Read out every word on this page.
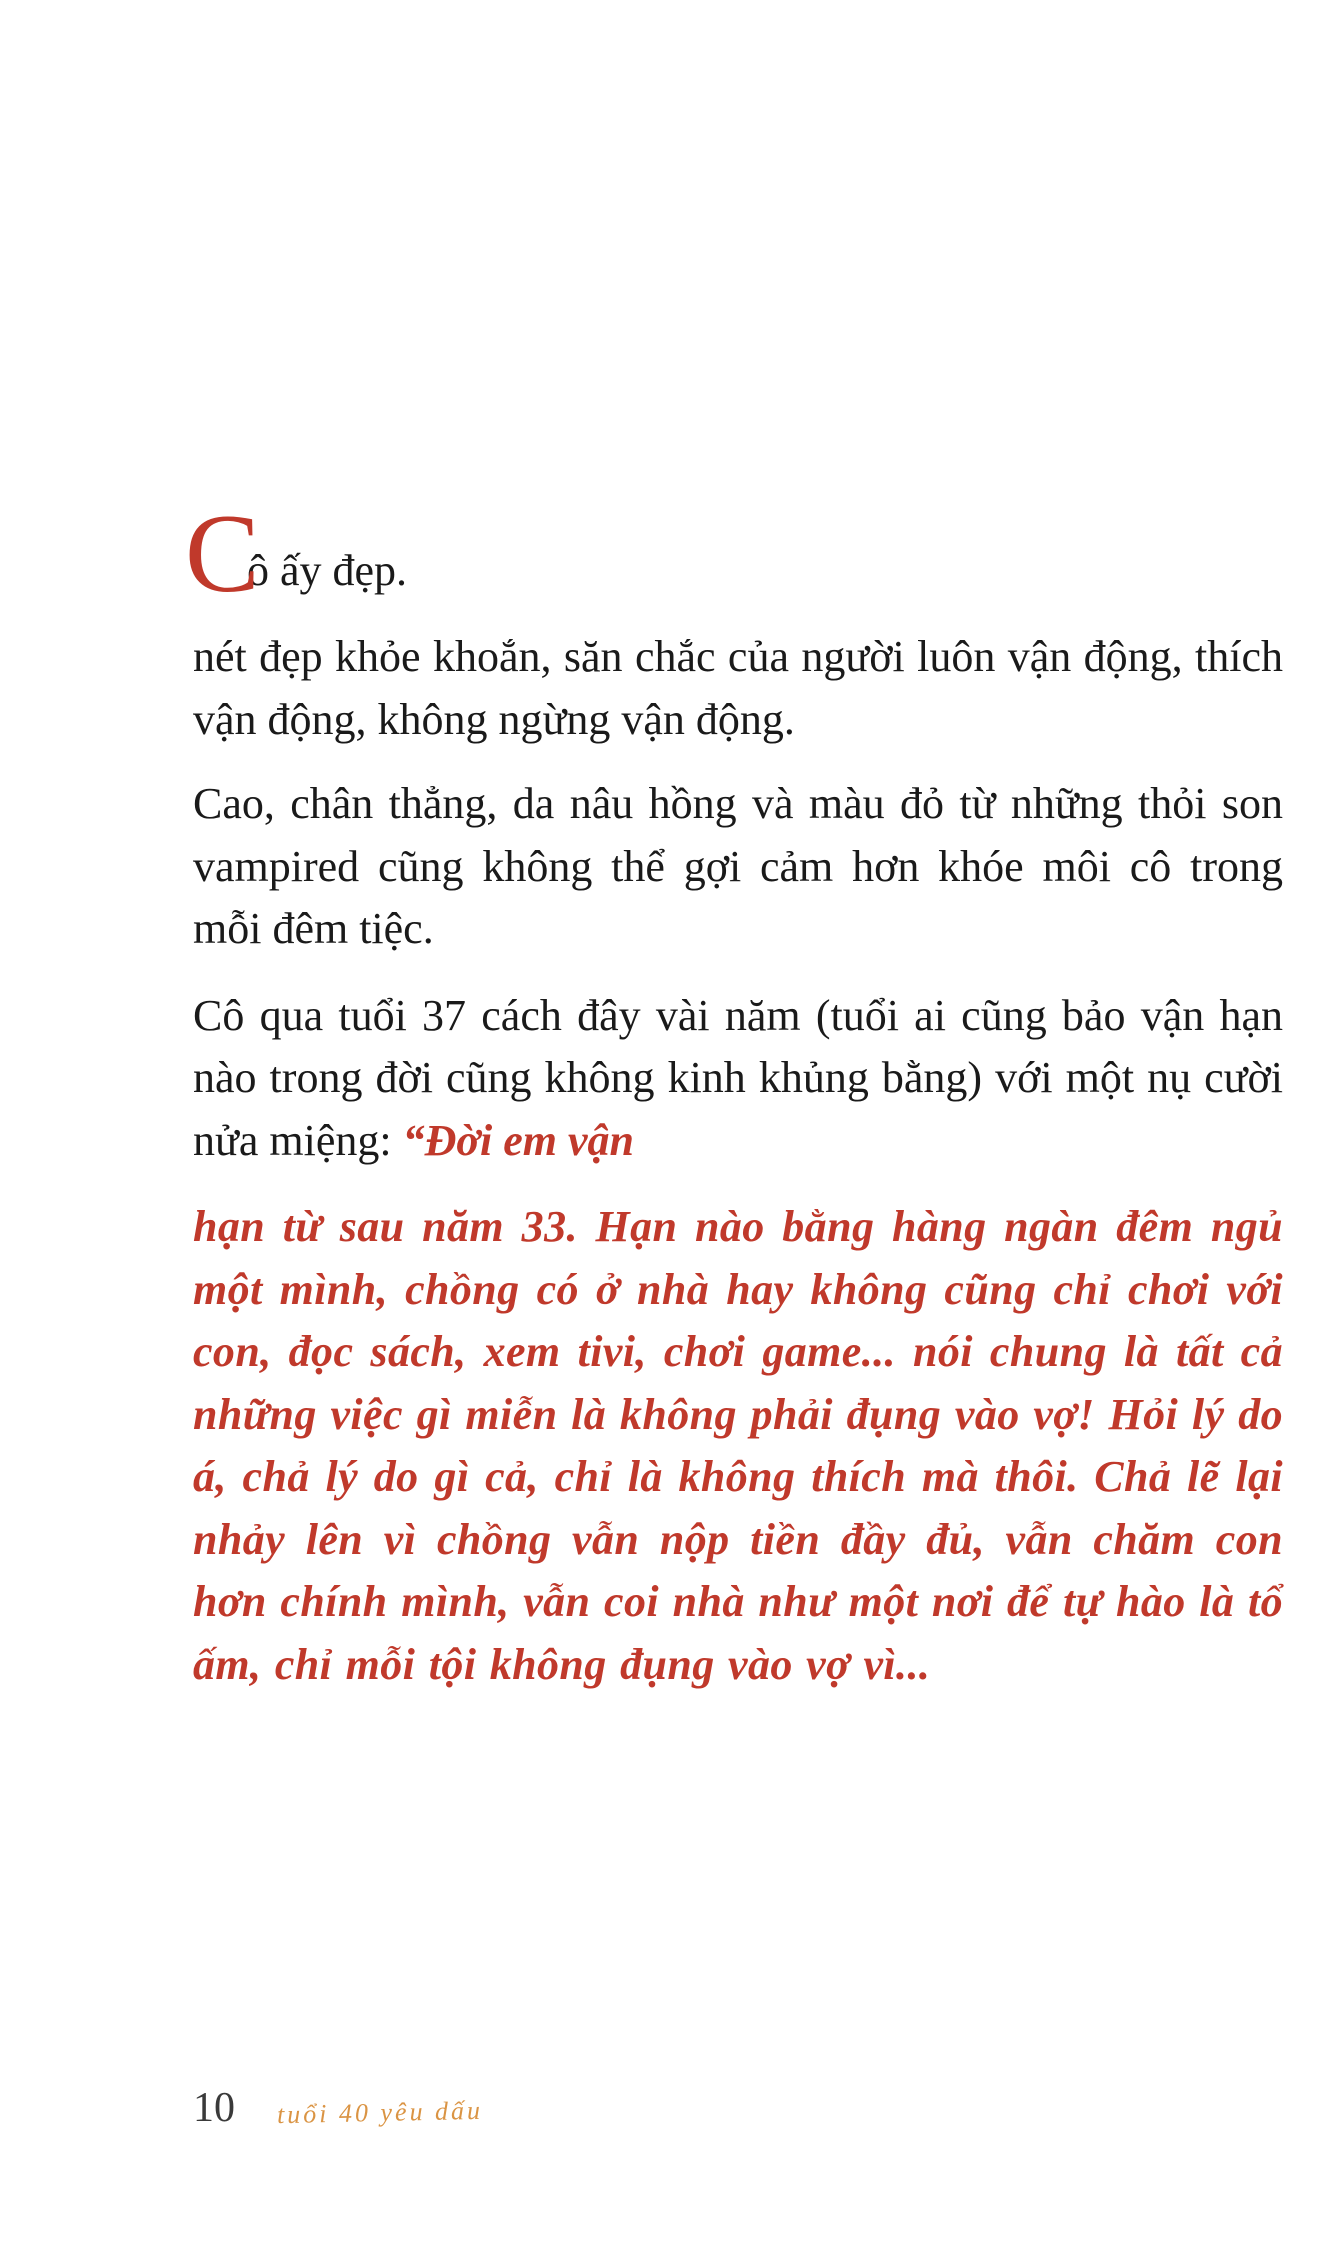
C
ô ấy đẹp.

nét đẹp khỏe khoắn, săn chắc của người luôn vận động, thích vận động, không ngừng vận động.

Cao, chân thẳng, da nâu hồng và màu đỏ từ những thỏi son vampired cũng không thể gợi cảm hơn khóe môi cô trong mỗi đêm tiệc.

Cô qua tuổi 37 cách đây vài năm (tuổi ai cũng bảo vận hạn nào trong đời cũng không kinh khủng bằng) với một nụ cười nửa miệng: “Đời em vận

hạn từ sau năm 33. Hạn nào bằng hàng ngàn đêm ngủ một mình, chồng có ở nhà hay không cũng chỉ chơi với con, đọc sách, xem tivi, chơi game... nói chung là tất cả những việc gì miễn là không phải đụng vào vợ! Hỏi lý do á, chả lý do gì cả, chỉ là không thích mà thôi. Chả lẽ lại nhảy lên vì chồng vẫn nộp tiền đầy đủ, vẫn chăm con hơn chính mình, vẫn coi nhà như một nơi để tự hào là tổ ấm, chỉ mỗi tội không đụng vào vợ vì...

10 tuổi 40 yêu dấu
